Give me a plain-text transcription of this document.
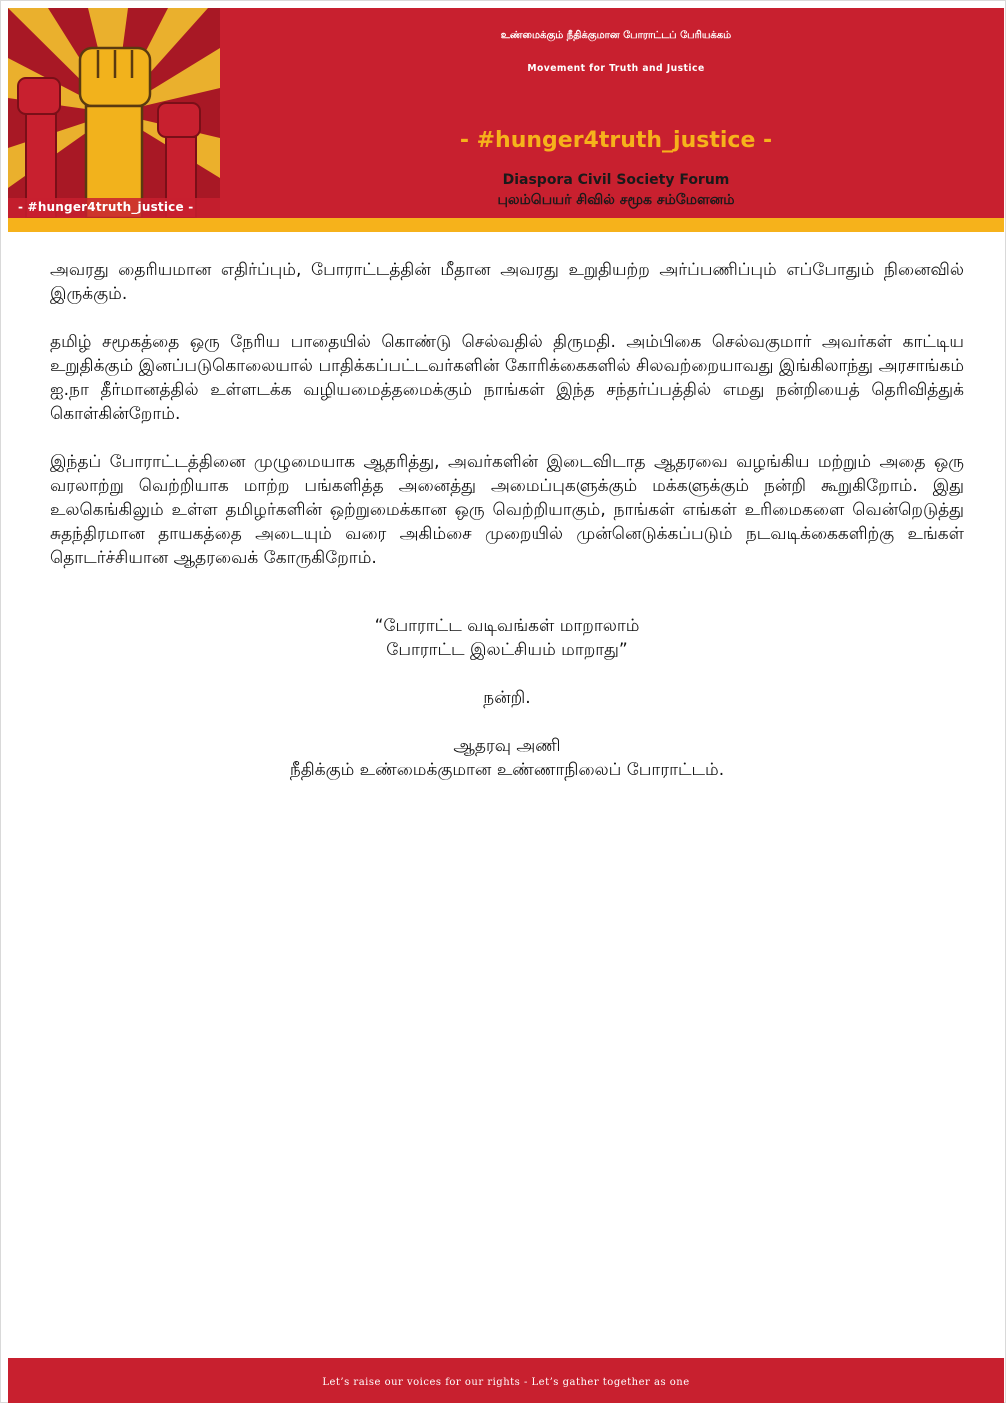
- #hunger4truth_justice -
உண்மைக்கும் நீதிக்குமான போராட்டப் பேரியக்கம்
Movement for Truth and Justice
- #hunger4truth_justice -
Diaspora Civil Society Forum
புலம்பெயர் சிவில் சமூக சம்மேளனம்

அவரது தைரியமான எதிர்ப்பும், போராட்டத்தின் மீதான அவரது உறுதியற்ற அர்ப்பணிப்பும் எப்போதும் நினைவில் இருக்கும்.

தமிழ் சமூகத்தை ஒரு நேரிய பாதையில் கொண்டு செல்வதில் திருமதி. அம்பிகை செல்வகுமார் அவர்கள் காட்டிய உறுதிக்கும் இனப்படுகொலையால் பாதிக்கப்பட்டவர்களின் கோரிக்கைகளில் சிலவற்றையாவது இங்கிலாந்து அரசாங்கம் ஐ.நா தீர்மானத்தில் உள்ளடக்க வழியமைத்தமைக்கும் நாங்கள் இந்த சந்தர்ப்பத்தில் எமது நன்றியைத் தெரிவித்துக் கொள்கின்றோம்.

இந்தப் போராட்டத்தினை முழுமையாக ஆதரித்து, அவர்களின் இடைவிடாத ஆதரவை வழங்கிய மற்றும் அதை ஒரு வரலாற்று வெற்றியாக மாற்ற பங்களித்த அனைத்து அமைப்புகளுக்கும் மக்களுக்கும் நன்றி கூறுகிறோம். இது உலகெங்கிலும் உள்ள தமிழர்களின் ஒற்றுமைக்கான ஒரு வெற்றியாகும், நாங்கள் எங்கள் உரிமைகளை வென்றெடுத்து சுதந்திரமான தாயகத்தை அடையும் வரை அகிம்சை முறையில் முன்னெடுக்கப்படும் நடவடிக்கைகளிற்கு உங்கள் தொடர்ச்சியான ஆதரவைக் கோருகிறோம்.

“போராட்ட வடிவங்கள் மாறாலாம்
போராட்ட இலட்சியம் மாறாது”
நன்றி.
ஆதரவு அணி
நீதிக்கும் உண்மைக்குமான உண்ணாநிலைப் போராட்டம்.
Let’s raise our voices for our rights - Let’s gather together as one
